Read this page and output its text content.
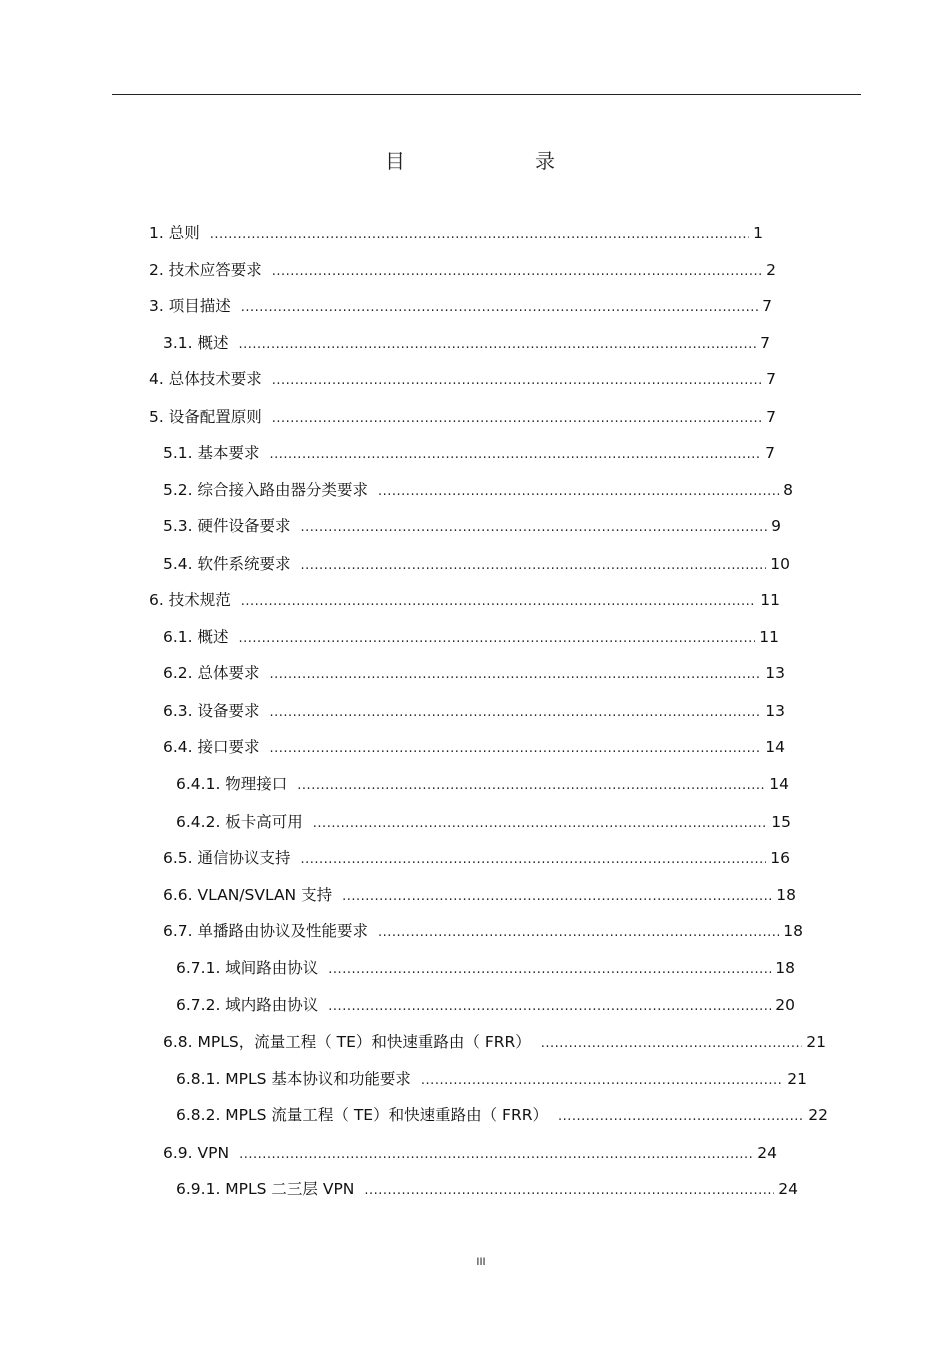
目　　录
1. 总则 .....	1
2. 技术应答要求 .....	2
3. 项目描述 .....	7
3.1. 概述 .....	7
4. 总体技术要求 .....	7
5. 设备配置原则 .....	7
5.1. 基本要求 .....	7
5.2. 综合接入路由器分类要求 .....	8
5.3. 硬件设备要求 .....	9
5.4. 软件系统要求 .....	10
6. 技术规范 .....	11
6.1. 概述 .....	11
6.2. 总体要求 .....	13
6.3. 设备要求 .....	13
6.4. 接口要求 .....	14
6.4.1. 物理接口 .....	14
6.4.2. 板卡高可用 .....	15
6.5. 通信协议支持 .....	16
6.6. VLAN/SVLAN 支持 .....	18
6.7. 单播路由协议及性能要求 .....	18
6.7.1. 域间路由协议 .....	18
6.7.2. 域内路由协议 .....	20
6.8. MPLS，流量工程（ TE）和快速重路由（ FRR） .....	21
6.8.1. MPLS 基本协议和功能要求 .....	21
6.8.2. MPLS 流量工程（ TE）和快速重路由（ FRR） .....	22
6.9. VPN .....	24
6.9.1. MPLS 二三层 VPN .....	24
III
